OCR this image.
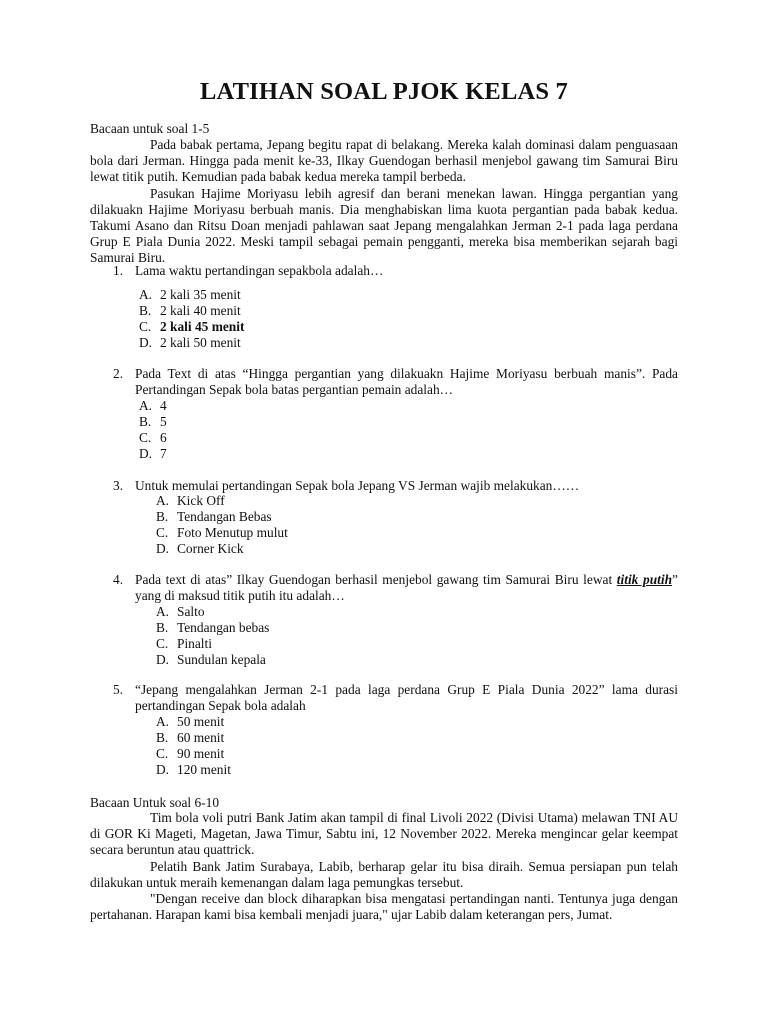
LATIHAN SOAL PJOK KELAS 7
Bacaan untuk soal 1-5
Pada babak pertama, Jepang begitu rapat di belakang. Mereka kalah dominasi dalam penguasaan bola dari Jerman. Hingga pada menit ke-33, Ilkay Guendogan berhasil menjebol gawang tim Samurai Biru lewat titik putih. Kemudian pada babak kedua mereka tampil berbeda.
Pasukan Hajime Moriyasu lebih agresif dan berani menekan lawan. Hingga pergantian yang dilakuakn Hajime Moriyasu berbuah manis. Dia menghabiskan lima kuota pergantian pada babak kedua. Takumi Asano dan Ritsu Doan menjadi pahlawan saat Jepang mengalahkan Jerman 2-1 pada laga perdana Grup E Piala Dunia 2022. Meski tampil sebagai pemain pengganti, mereka bisa memberikan sejarah bagi Samurai Biru.
1. Lama waktu pertandingan sepakbola adalah…
A. 2 kali 35 menit
B. 2 kali 40 menit
C. 2 kali 45 menit
D. 2 kali 50 menit
2. Pada Text di atas “Hingga pergantian yang dilakuakn Hajime Moriyasu berbuah manis”. Pada Pertandingan Sepak bola batas pergantian pemain adalah…
A. 4
B. 5
C. 6
D. 7
3. Untuk memulai pertandingan Sepak bola Jepang VS Jerman wajib melakukan……
A. Kick Off
B. Tendangan Bebas
C. Foto Menutup mulut
D. Corner Kick
4. Pada text di atas” Ilkay Guendogan berhasil menjebol gawang tim Samurai Biru lewat titik putih” yang di maksud titik putih itu adalah…
A. Salto
B. Tendangan bebas
C. Pinalti
D. Sundulan kepala
5. “Jepang mengalahkan Jerman 2-1 pada laga perdana Grup E Piala Dunia 2022” lama durasi pertandingan Sepak bola adalah
A. 50 menit
B. 60 menit
C. 90 menit
D. 120 menit
Bacaan Untuk soal 6-10
Tim bola voli putri Bank Jatim akan tampil di final Livoli 2022 (Divisi Utama) melawan TNI AU di GOR Ki Mageti, Magetan, Jawa Timur, Sabtu ini, 12 November 2022. Mereka mengincar gelar keempat secara beruntun atau quattrick.
Pelatih Bank Jatim Surabaya, Labib, berharap gelar itu bisa diraih. Semua persiapan pun telah dilakukan untuk meraih kemenangan dalam laga pemungkas tersebut.
"Dengan receive dan block diharapkan bisa mengatasi pertandingan nanti. Tentunya juga dengan pertahanan. Harapan kami bisa kembali menjadi juara," ujar Labib dalam keterangan pers, Jumat.
